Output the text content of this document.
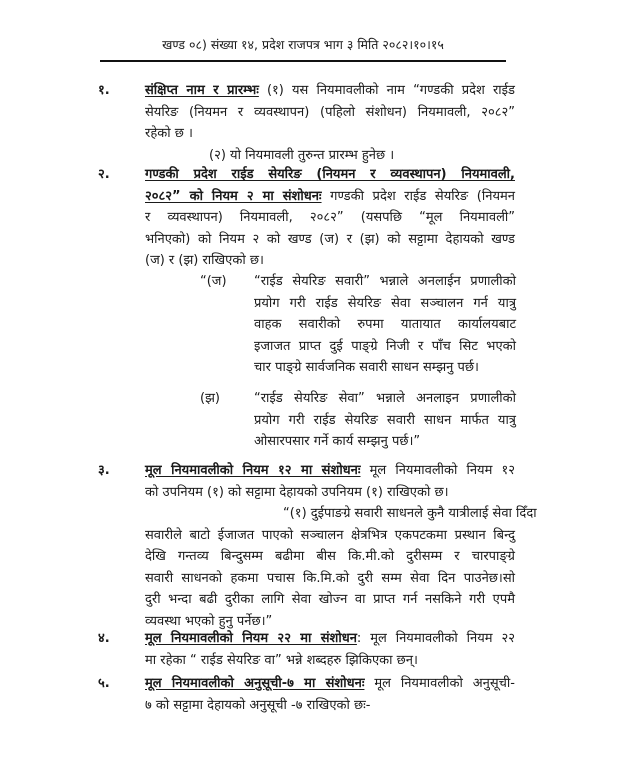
खण्ड ०८) संख्या १४, प्रदेश राजपत्र भाग ३ मिति २०८२।१०।१५
१.	संक्षिप्त नाम र प्रारम्भः (१) यस नियमावलीको नाम “गण्डकी प्रदेश राईड
सेयरिङ (नियमन र व्यवस्थापन) (पहिलो संशोधन) नियमावली, २०८२”
रहेको छ ।
(२) यो नियमावली तुरुन्त प्रारम्भ हुनेछ ।
२.	गण्डकी प्रदेश राईड सेयरिङ (नियमन र व्यवस्थापन) नियमावली,
२०८२” को नियम २ मा संशोधनः गण्डकी प्रदेश राईड सेयरिङ (नियमन
र व्यवस्थापन) नियमावली, २०८२” (यसपछि “मूल नियमावली”
भनिएको) को नियम २ को खण्ड (ज) र (झ) को सट्टामा देहायको खण्ड
(ज) र (झ) राखिएको छ।
“(ज) “राईड सेयरिङ सवारी” भन्नाले अनलाईन प्रणालीको
प्रयोग गरी राईड सेयरिङ सेवा सञ्चालन गर्न यात्रु
वाहक सवारीको रुपमा यातायात कार्यालयबाट
इजाजत प्राप्त दुई पाङ्ग्रे निजी र पाँच सिट भएको
चार पाङ्ग्रे सार्वजनिक सवारी साधन सम्झनु पर्छ।
(झ)	“राईड सेयरिङ सेवा” भन्नाले अनलाइन प्रणालीको
प्रयोग गरी राईड सेयरिङ सवारी साधन मार्फत यात्रु
ओसारपसार गर्ने कार्य सम्झनु पर्छ।”
३.	मूल नियमावलीको नियम १२ मा संशोधनः मूल नियमावलीको नियम १२
को उपनियम (१) को सट्टामा देहायको उपनियम (१) राखिएको छ।
“(१) दुईपाङग्रे सवारी साधनले कुनै यात्रीलाई सेवा दिँदा
सवारीले बाटो ईजाजत पाएको सञ्चालन क्षेत्रभित्र एकपटकमा प्रस्थान बिन्दु
देखि गन्तव्य बिन्दुसम्म बढीमा बीस कि.मी.को दुरीसम्म र चारपाङ्ग्रे
सवारी साधनको हकमा पचास कि.मि.को दुरी सम्म सेवा दिन पाउनेछ।सो
दुरी भन्दा बढी दुरीका लागि सेवा खोज्न वा प्राप्त गर्न नसकिने गरी एपमै
व्यवस्था भएको हुनु पर्नेछ।”
४.	मूल नियमावलीको नियम २२ मा संशोधन: मूल नियमावलीको नियम २२
मा रहेका “ राईड सेयरिङ वा” भन्ने शब्दहरु झिकिएका छन्।
५.	मूल नियमावलीको अनुसूची-७ मा संशोधनः मूल नियमावलीको अनुसूची-
७ को सट्टामा देहायको अनुसूची -७ राखिएको छः-
